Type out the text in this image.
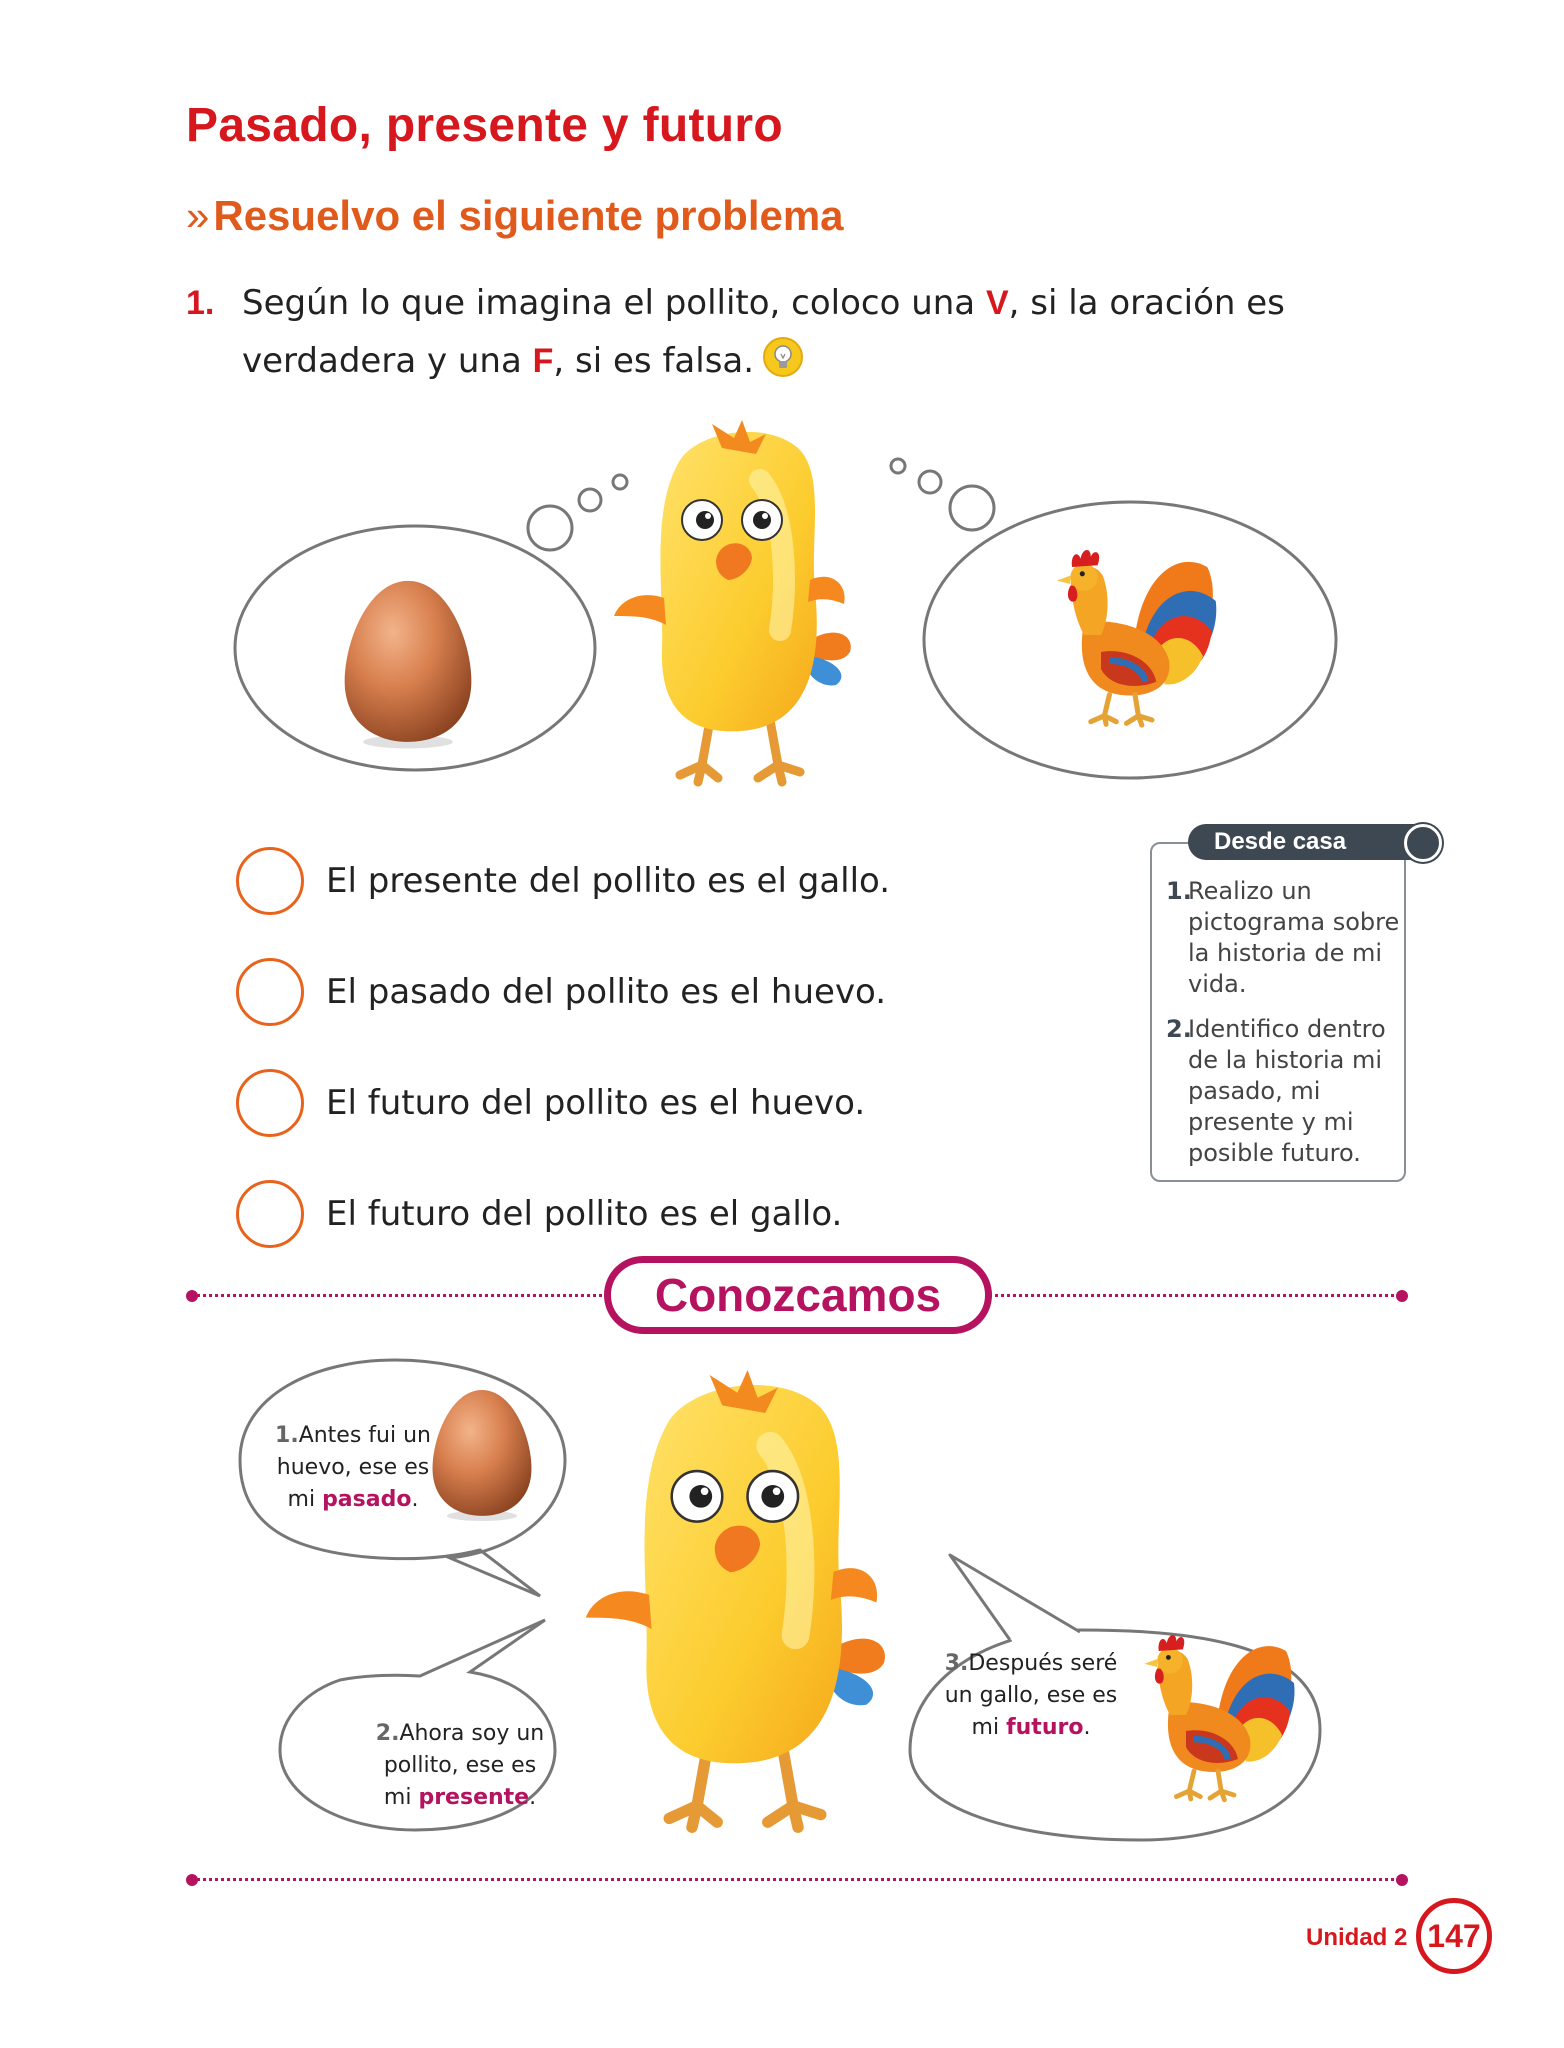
Pasado, presente y futuro
»Resuelvo el siguiente problema
1. Según lo que imagina el pollito, coloco una V, si la oración es verdadera y una F, si es falsa.
El presente del pollito es el gallo.
El pasado del pollito es el huevo.
El futuro del pollito es el huevo.
El futuro del pollito es el gallo.
Desde casa
1.
Realizo un pictograma sobre la historia de mi vida.
2.
Identifico dentro de la historia mi pasado, mi presente y mi posible futuro.
Conozcamos
1.Antes fui un
huevo, ese es
mi pasado.
2.Ahora soy un
pollito, ese es
mi presente.
3.Después seré
un gallo, ese es
mi futuro.
Unidad 2 147
